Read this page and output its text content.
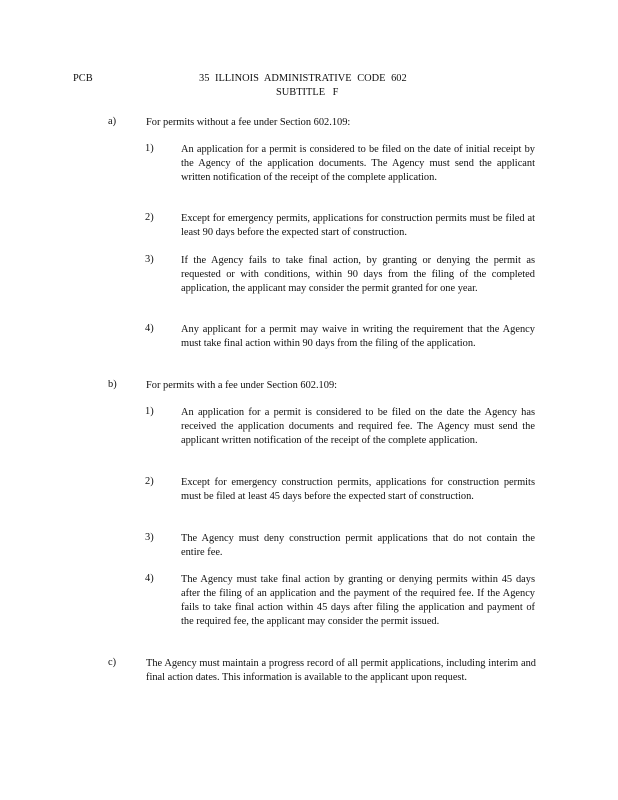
PCB	35 ILLINOIS ADMINISTRATIVE CODE 602
SUBTITLE F
a)	For permits without a fee under Section 602.109:
1)	An application for a permit is considered to be filed on the date of initial receipt by the Agency of the application documents. The Agency must send the applicant written notification of the receipt of the complete application.
2)	Except for emergency permits, applications for construction permits must be filed at least 90 days before the expected start of construction.
3)	If the Agency fails to take final action, by granting or denying the permit as requested or with conditions, within 90 days from the filing of the completed application, the applicant may consider the permit granted for one year.
4)	Any applicant for a permit may waive in writing the requirement that the Agency must take final action within 90 days from the filing of the application.
b)	For permits with a fee under Section 602.109:
1)	An application for a permit is considered to be filed on the date the Agency has received the application documents and required fee. The Agency must send the applicant written notification of the receipt of the complete application.
2)	Except for emergency construction permits, applications for construction permits must be filed at least 45 days before the expected start of construction.
3)	The Agency must deny construction permit applications that do not contain the entire fee.
4)	The Agency must take final action by granting or denying permits within 45 days after the filing of an application and the payment of the required fee. If the Agency fails to take final action within 45 days after filing the application and payment of the required fee, the applicant may consider the permit issued.
c)	The Agency must maintain a progress record of all permit applications, including interim and final action dates. This information is available to the applicant upon request.
